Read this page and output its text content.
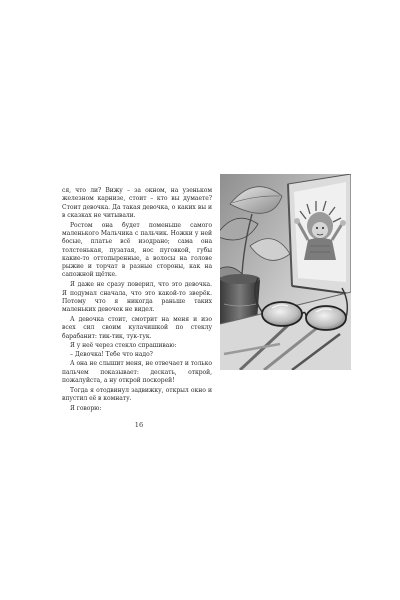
ся, что ли? Вижу – за окном, на узеньком железном карнизе, стоит – кто вы думаете? Стоит девочка. Да такая девочка, о каких вы и в сказках не читывали.

Ростом она будет поменьше самого маленького Мальчика с пальчик. Ножки у ней босые, платье всё изодрано; сама она толстенькая, пузатая, нос пуговкой, губы какие-то оттопыренные, а волосы на голове рыжие и торчат в разные стороны, как на сапожной щётке.

Я даже не сразу поверил, что это девочка. Я подумал сначала, что это какой-то зверёк. Потому что я никогда раньше таких маленьких девочек не видел.

А девочка стоит, смотрит на меня и изо всех сил своим кулачишкой по стеклу барабанит: тик-тик, тук-тук.

Я у неё через стекло спрашиваю:

– Девочка! Тебе что надо?

А она не слышит меня, не отвечает и только пальчем показывает: дескать, открой, пожалуйста, а ну открой поскорей!

Тогда я отодвинул задвижку, открыл окно и впустил её в комнату.

Я говорю:

16
